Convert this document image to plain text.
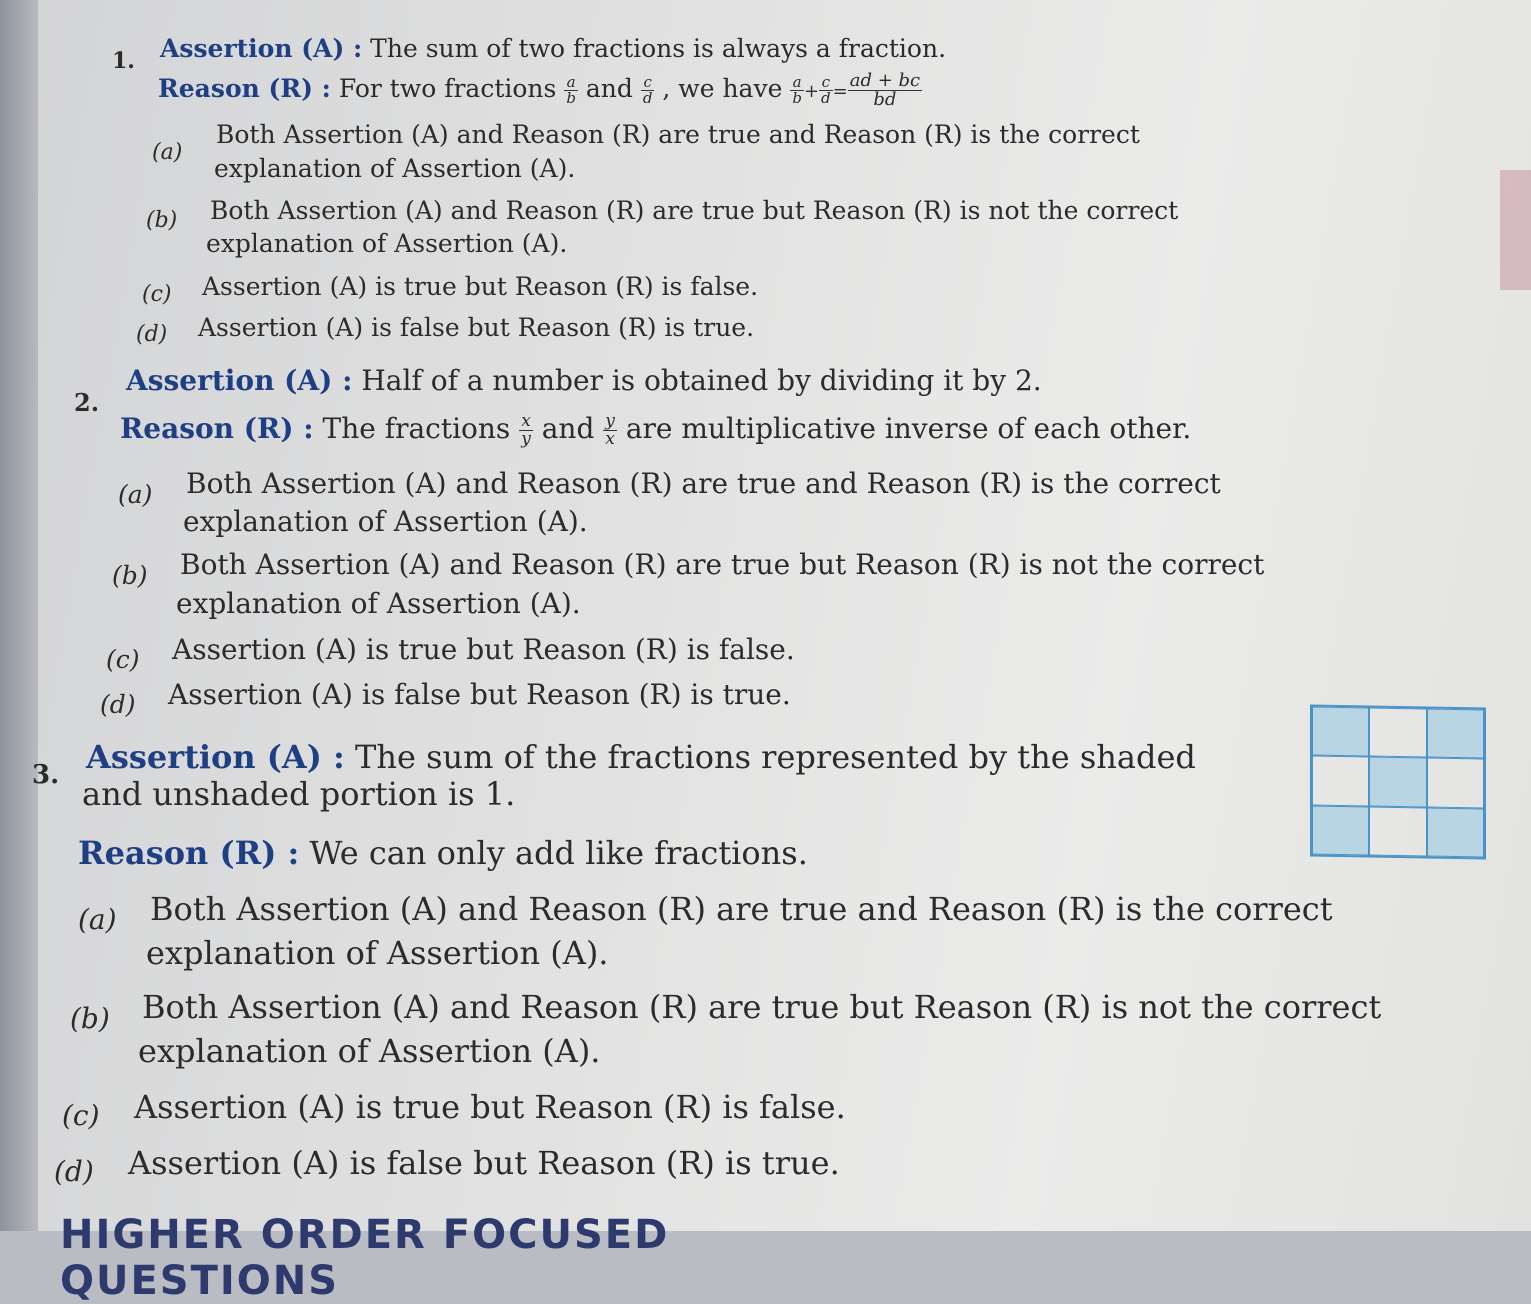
1. Assertion (A) : The sum of two fractions is always a fraction.
Reason (R) : For two fractions $\frac{a}{b}$ and $\frac{c}{d}$ , we have $\frac{a}{b} + \frac{c}{d} = \frac{ad + bc}{bd}$
(a)
Both Assertion (A) and Reason (R) are true and Reason (R) is the correct
explanation of Assertion (A).
(b) Both Assertion (A) and Reason (R) are true but Reason (R) is not the correct
explanation of Assertion (A).
(c) Assertion (A) is true but Reason (R) is false.
(d) Assertion (A) is false but Reason (R) is true.
2.
Assertion (A) : Half of a number is obtained by dividing it by 2.
Reason (R) : The fractions $\frac{x}{y}$ and $\frac{y}{x}$ are multiplicative inverse of each other.
(a) Both Assertion (A) and Reason (R) are true and Reason (R) is the correct
explanation of Assertion (A).
(b) Both Assertion (A) and Reason (R) are true but Reason (R) is not the correct
explanation of Assertion (A).
(c) Assertion (A) is true but Reason (R) is false.
(d) Assertion (A) is false but Reason (R) is true.
3. Assertion (A) : The sum of the fractions represented by the shaded
and unshaded portion is 1.
Reason (R) : We can only add like fractions.
(a) Both Assertion (A) and Reason (R) are true and Reason (R) is the correct
explanation of Assertion (A).
(b) Both Assertion (A) and Reason (R) are true but Reason (R) is not the correct
explanation of Assertion (A).
(c) Assertion (A) is true but Reason (R) is false.
(d) Assertion (A) is false but Reason (R) is true.
HIGHER ORDER FOCUSED QUESTIONS
